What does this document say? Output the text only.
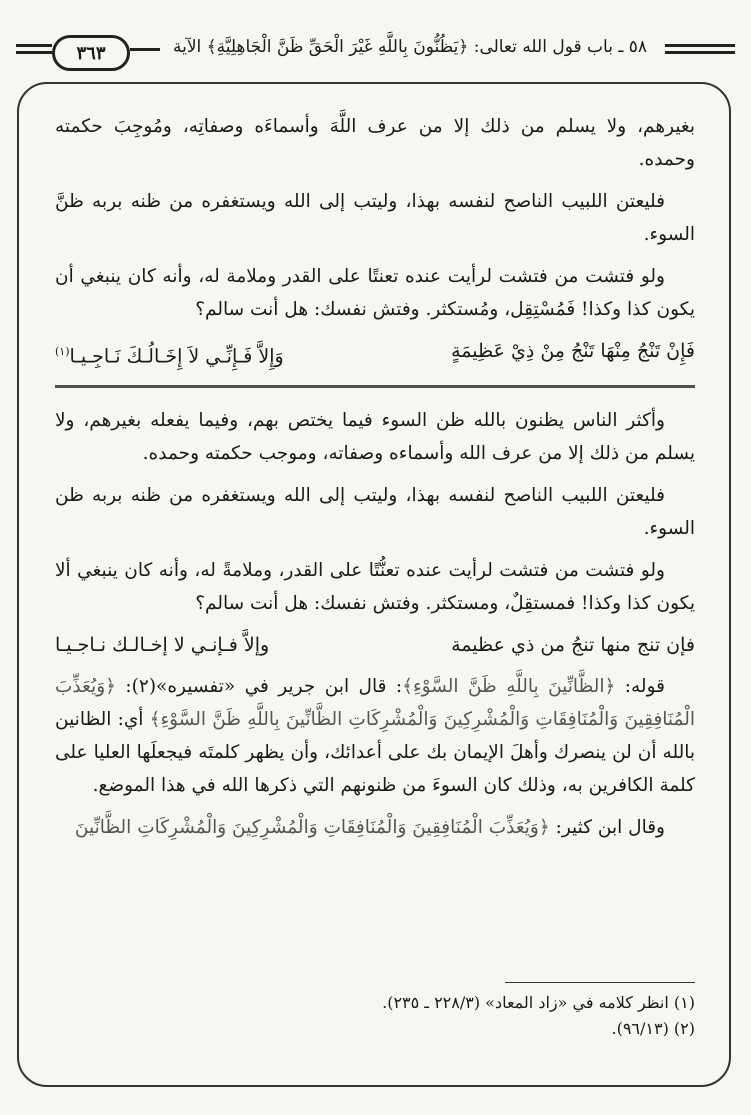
٣٦٣	٥٨ ـ باب قول الله تعالى: ﴿يَظُنُّونَ بِاللَّهِ غَيْرَ الْحَقِّ ظَنَّ الْجَاهِلِيَّةِ﴾ الآية

بغيرهم، ولا يسلم من ذلك إلا من عرف اللَّهَ وأسماءَه وصفاتِه، ومُوجِبَ حكمته وحمده.

فليعتن اللبيب الناصح لنفسه بهذا، وليتب إلى الله ويستغفره من ظنه بربه ظنَّ السوء.

ولو فتشت من فتشت لرأيت عنده تعنتًا على القدر وملامة له، وأنه كان ينبغي أن يكون كذا وكذا! فَمُسْتِقِل، ومُستكثر. وفتش نفسك: هل أنت سالم؟

فَإِنْ تَنْجُ مِنْهَا تَنْجُ مِنْ ذِيْ عَظِيمَةٍ
وَإِلاَّ فَـإِنِّـي لاَ إِخَـالُـكَ نَـاجِـيـا$^{(١)}$

وأكثر الناس يظنون بالله ظن السوء فيما يختص بهم، وفيما يفعله بغيرهم، ولا يسلم من ذلك إلا من عرف الله وأسماءه وصفاته، وموجب حكمته وحمده.

فليعتن اللبيب الناصح لنفسه بهذا، وليتب إلى الله ويستغفره من ظنه بربه ظن السوء.

ولو فتشت من فتشت لرأيت عنده تعنُّتًا على القدر، وملامةً له، وأنه كان ينبغي ألا يكون كذا وكذا! فمستقِلٌ، ومستكثر. وفتش نفسك: هل أنت سالم؟

فإن تنج منها تنجُ من ذي عظيمة
وإلاَّ فـإنـي لا إخـالـك نـاجـيـا

قوله: ﴿الظَّانِّينَ بِاللَّهِ ظَنَّ السَّوْءِ﴾: قال ابن جرير في «تفسيره»(٢): ﴿وَيُعَذِّبَ الْمُنَافِقِينَ وَالْمُنَافِقَاتِ وَالْمُشْرِكِينَ وَالْمُشْرِكَاتِ الظَّانِّينَ بِاللَّهِ ظَنَّ السَّوْءِ﴾ أي: الظانين بالله أن لن ينصرك وأهلَ الإيمان بك على أعدائك، وأن يظهر كلمتَه فيجعلَها العليا على كلمة الكافرين به، وذلك كان السوءَ من ظنونهم التي ذكرها الله في هذا الموضع.

وقال ابن كثير: ﴿وَيُعَذِّبَ الْمُنَافِقِينَ وَالْمُنَافِقَاتِ وَالْمُشْرِكِينَ وَالْمُشْرِكَاتِ الظَّانِّينَ

(١) انظر كلامه في «زاد المعاد» (٢٢٨/٣ ـ ٢٣٥).

(٢) (٩٦/١٣).
